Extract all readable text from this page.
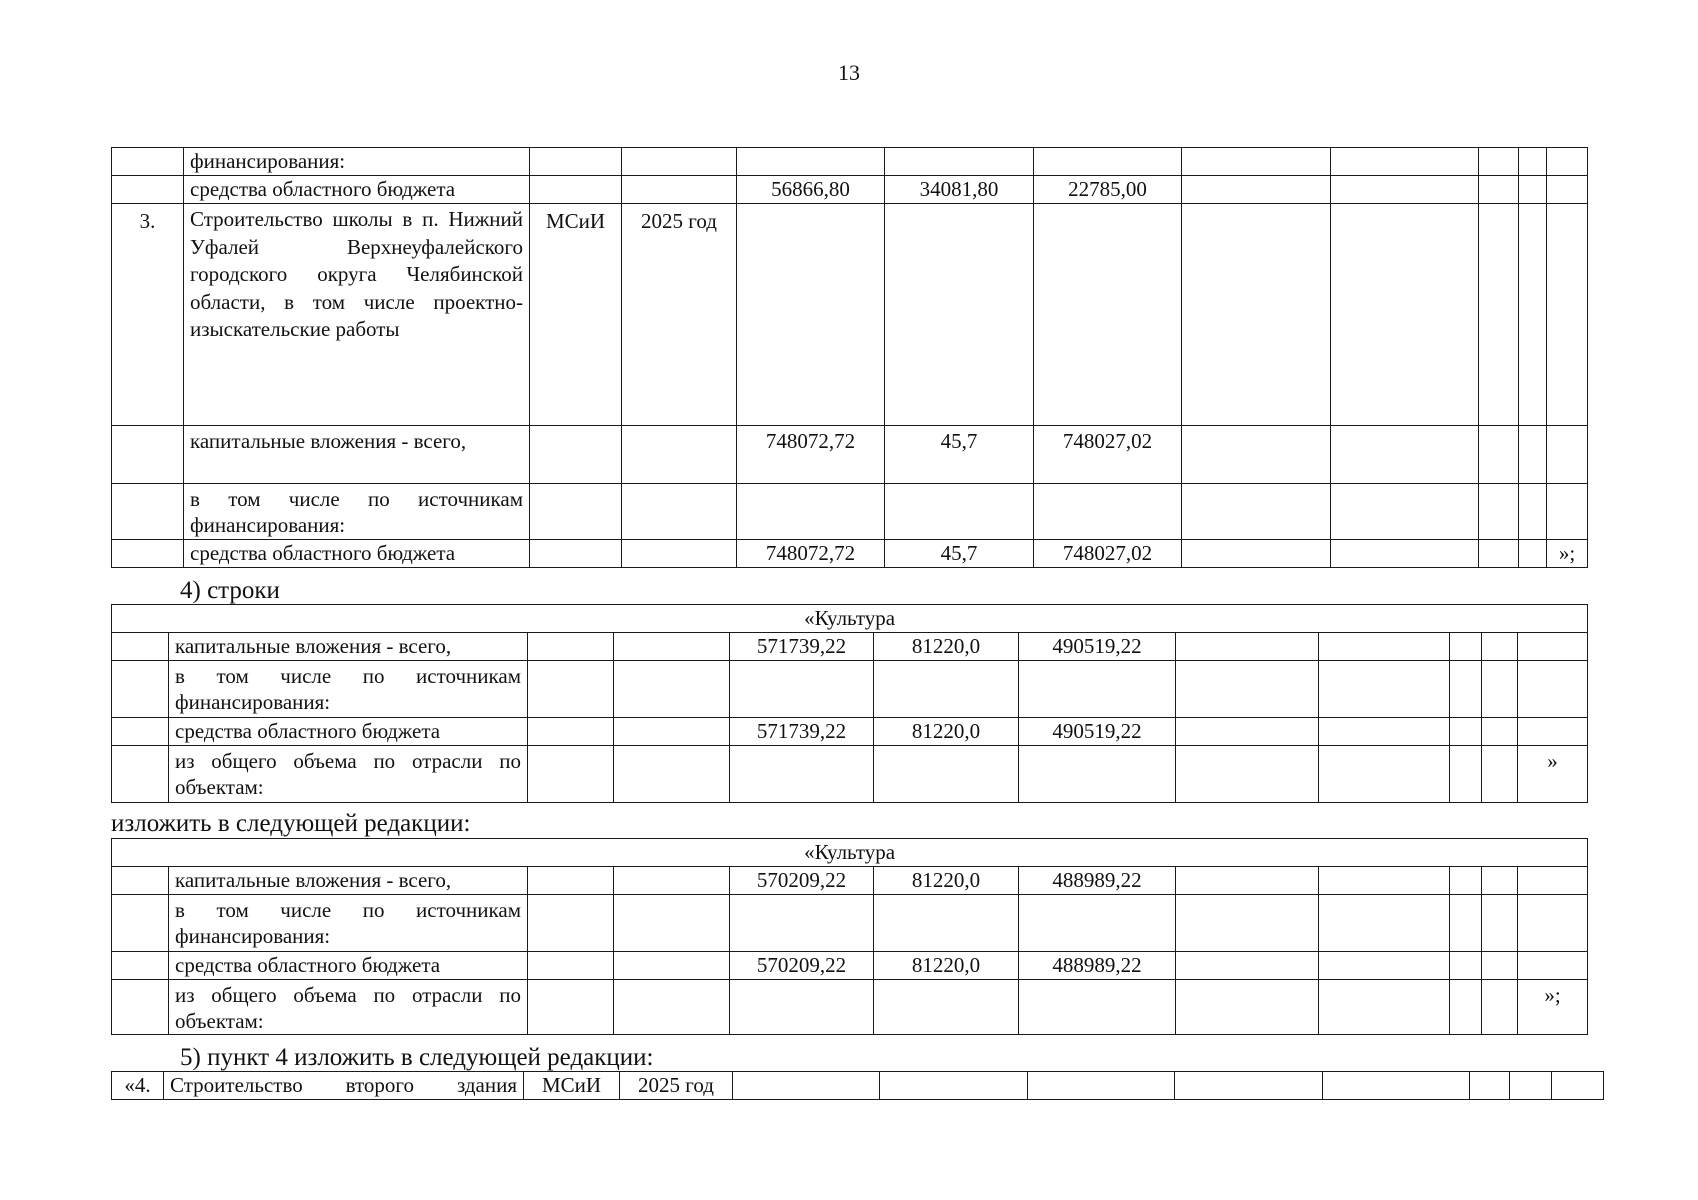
13
	финансирования:										
	средства областного бюджета			56866,80	34081,80	22785,00					
3.	Строительство школы в п. Нижний Уфалей Верхнеуфалейского городского округа Челябинской области, в том числе проектно-изыскательские работы	МСиИ	2025 год								
	капитальные вложения - всего,			748072,72	45,7	748027,02					
	в том числе по источникам финансирования:										
	средства областного бюджета			748072,72	45,7	748027,02					»;
4) строки
«Культура											
	капитальные вложения - всего,			571739,22	81220,0	490519,22					
	в том числе по источникам финансирования:										
	средства областного бюджета			571739,22	81220,0	490519,22					
	из общего объема по отрасли по объектам:										»
изложить в следующей редакции:
«Культура											
	капитальные вложения - всего,			570209,22	81220,0	488989,22					
	в том числе по источникам финансирования:										
	средства областного бюджета			570209,22	81220,0	488989,22					
	из общего объема по отрасли по объектам:										»;
5) пункт 4 изложить в следующей редакции:
«4.	Строительство второго здания	МСиИ	2025 год								
